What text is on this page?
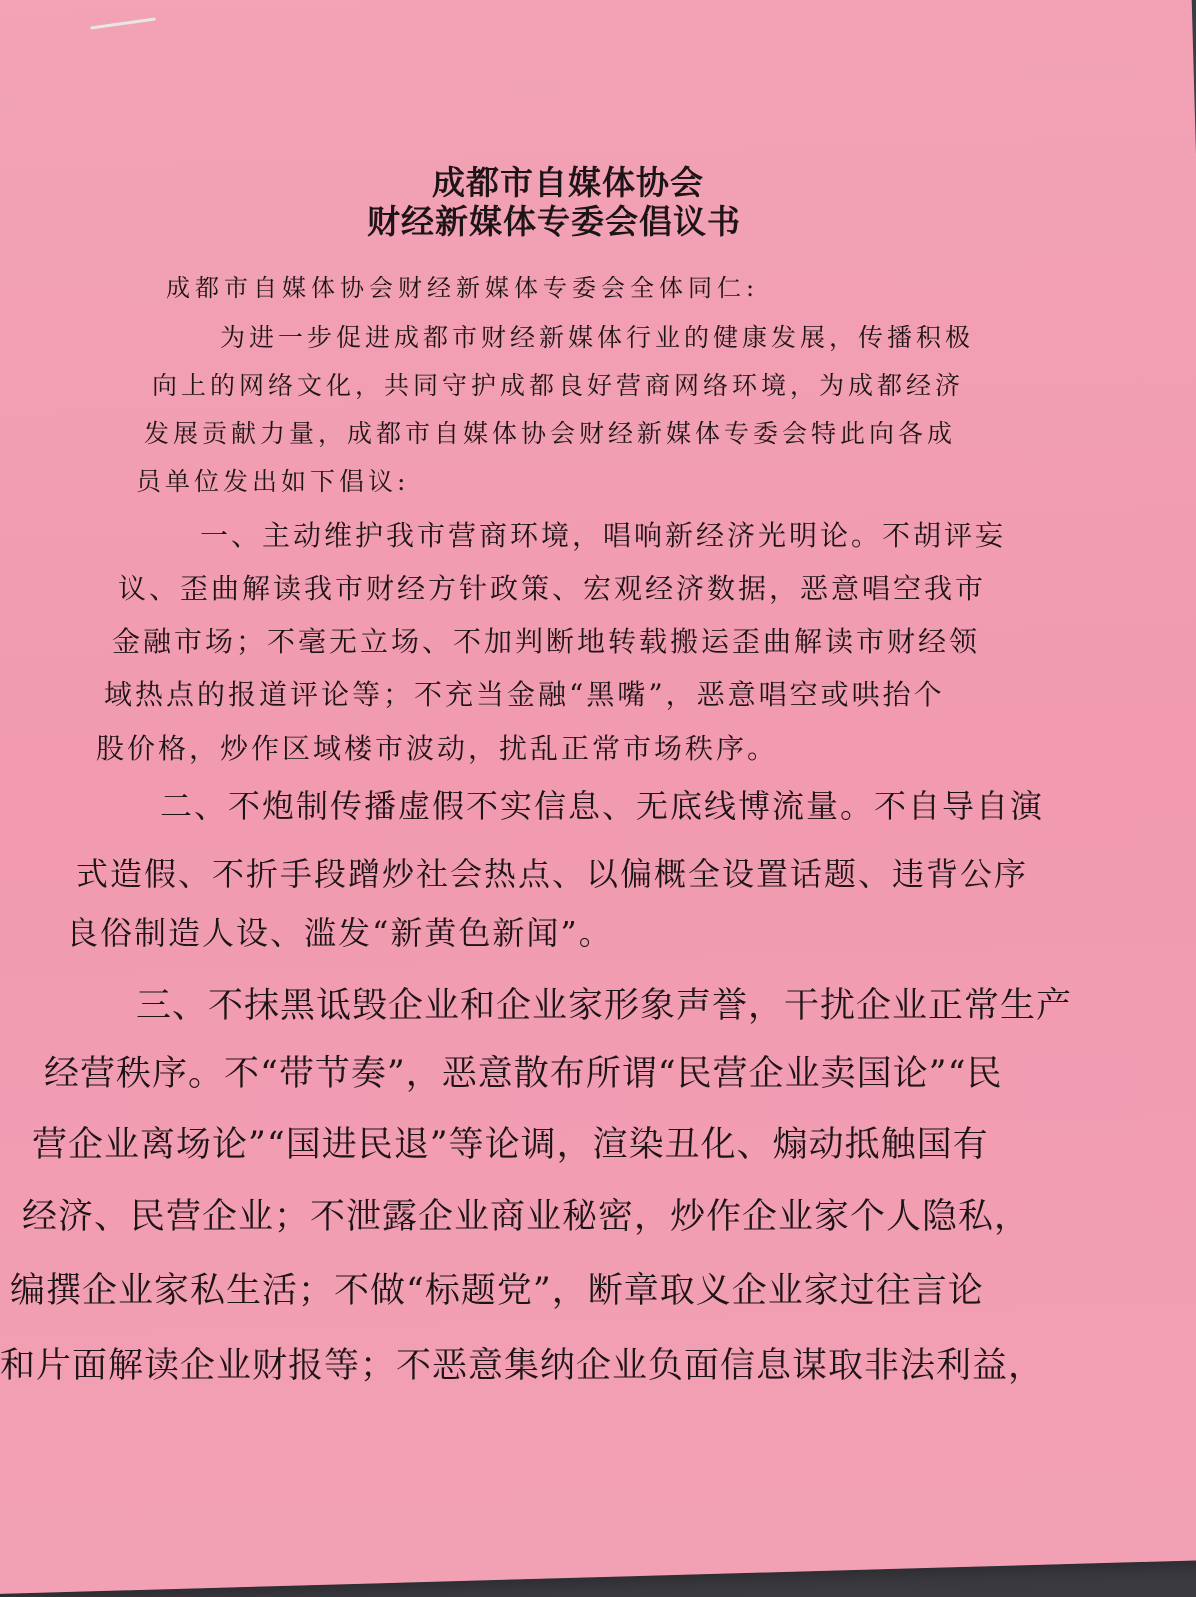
成都市自媒体协会
财经新媒体专委会倡议书
成都市自媒体协会财经新媒体专委会全体同仁:
为进一步促进成都市财经新媒体行业的健康发展，传播积极
向上的网络文化，共同守护成都良好营商网络环境，为成都经济
发展贡献力量，成都市自媒体协会财经新媒体专委会特此向各成
员单位发出如下倡议:
一、主动维护我市营商环境，唱响新经济光明论。不胡评妄
议、歪曲解读我市财经方针政策、宏观经济数据，恶意唱空我市
金融市场；不毫无立场、不加判断地转载搬运歪曲解读市财经领
域热点的报道评论等；不充当金融“黑嘴”，恶意唱空或哄抬个
股价格，炒作区域楼市波动，扰乱正常市场秩序。
二、不炮制传播虚假不实信息、无底线博流量。不自导自演
式造假、不折手段蹭炒社会热点、以偏概全设置话题、违背公序
良俗制造人设、滥发“新黄色新闻”。
三、不抹黑诋毁企业和企业家形象声誉，干扰企业正常生产
经营秩序。不“带节奏”，恶意散布所谓“民营企业卖国论”“民
营企业离场论”“国进民退”等论调，渲染丑化、煽动抵触国有
经济、民营企业；不泄露企业商业秘密，炒作企业家个人隐私，
编撰企业家私生活；不做“标题党”，断章取义企业家过往言论
和片面解读企业财报等；不恶意集纳企业负面信息谋取非法利益，
